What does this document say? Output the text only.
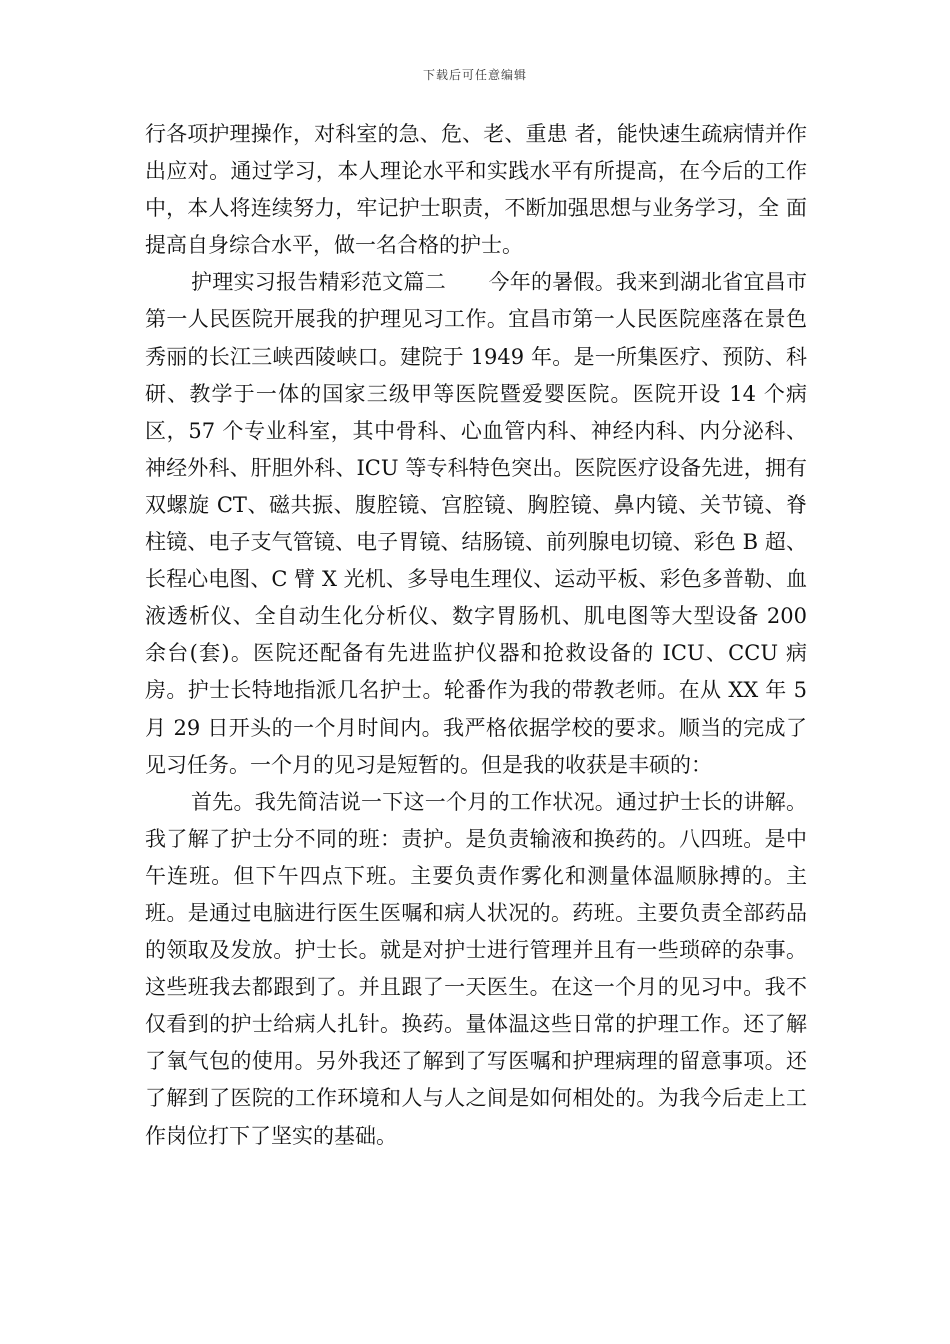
下载后可任意编辑

行各项护理操作，对科室的急、危、老、重患 者，能快速生疏病情并作出应对。通过学习，本人理论水平和实践水平有所提高，在今后的工作中，本人将连续努力，牢记护士职责，不断加强思想与业务学习，全 面提高自身综合水平，做一名合格的护士。

护理实习报告精彩范文篇二　　今年的暑假。我来到湖北省宜昌市第一人民医院开展我的护理见习工作。宜昌市第一人民医院座落在景色秀丽的长江三峡西陵峡口。建院于 1949 年。是一所集医疗、预防、科研、教学于一体的国家三级甲等医院暨爱婴医院。医院开设 14 个病区，57 个专业科室，其中骨科、心血管内科、神经内科、内分泌科、神经外科、肝胆外科、ICU 等专科特色突出。医院医疗设备先进，拥有双螺旋 CT、磁共振、腹腔镜、宫腔镜、胸腔镜、鼻内镜、关节镜、脊柱镜、电子支气管镜、电子胃镜、结肠镜、前列腺电切镜、彩色 B 超、长程心电图、C 臂 X 光机、多导电生理仪、运动平板、彩色多普勒、血液透析仪、全自动生化分析仪、数字胃肠机、肌电图等大型设备 200 余台(套)。医院还配备有先进监护仪器和抢救设备的 ICU、CCU 病房。护士长特地指派几名护士。轮番作为我的带教老师。在从 XX 年 5 月 29 日开头的一个月时间内。我严格依据学校的要求。顺当的完成了见习任务。一个月的见习是短暂的。但是我的收获是丰硕的：

首先。我先简洁说一下这一个月的工作状况。通过护士长的讲解。我了解了护士分不同的班：责护。是负责输液和换药的。八四班。是中午连班。但下午四点下班。主要负责作雾化和测量体温顺脉搏的。主班。是通过电脑进行医生医嘱和病人状况的。药班。主要负责全部药品的领取及发放。护士长。就是对护士进行管理并且有一些琐碎的杂事。这些班我去都跟到了。并且跟了一天医生。在这一个月的见习中。我不仅看到的护士给病人扎针。换药。量体温这些日常的护理工作。还了解了氧气包的使用。另外我还了解到了写医嘱和护理病理的留意事项。还了解到了医院的工作环境和人与人之间是如何相处的。为我今后走上工作岗位打下了坚实的基础。
